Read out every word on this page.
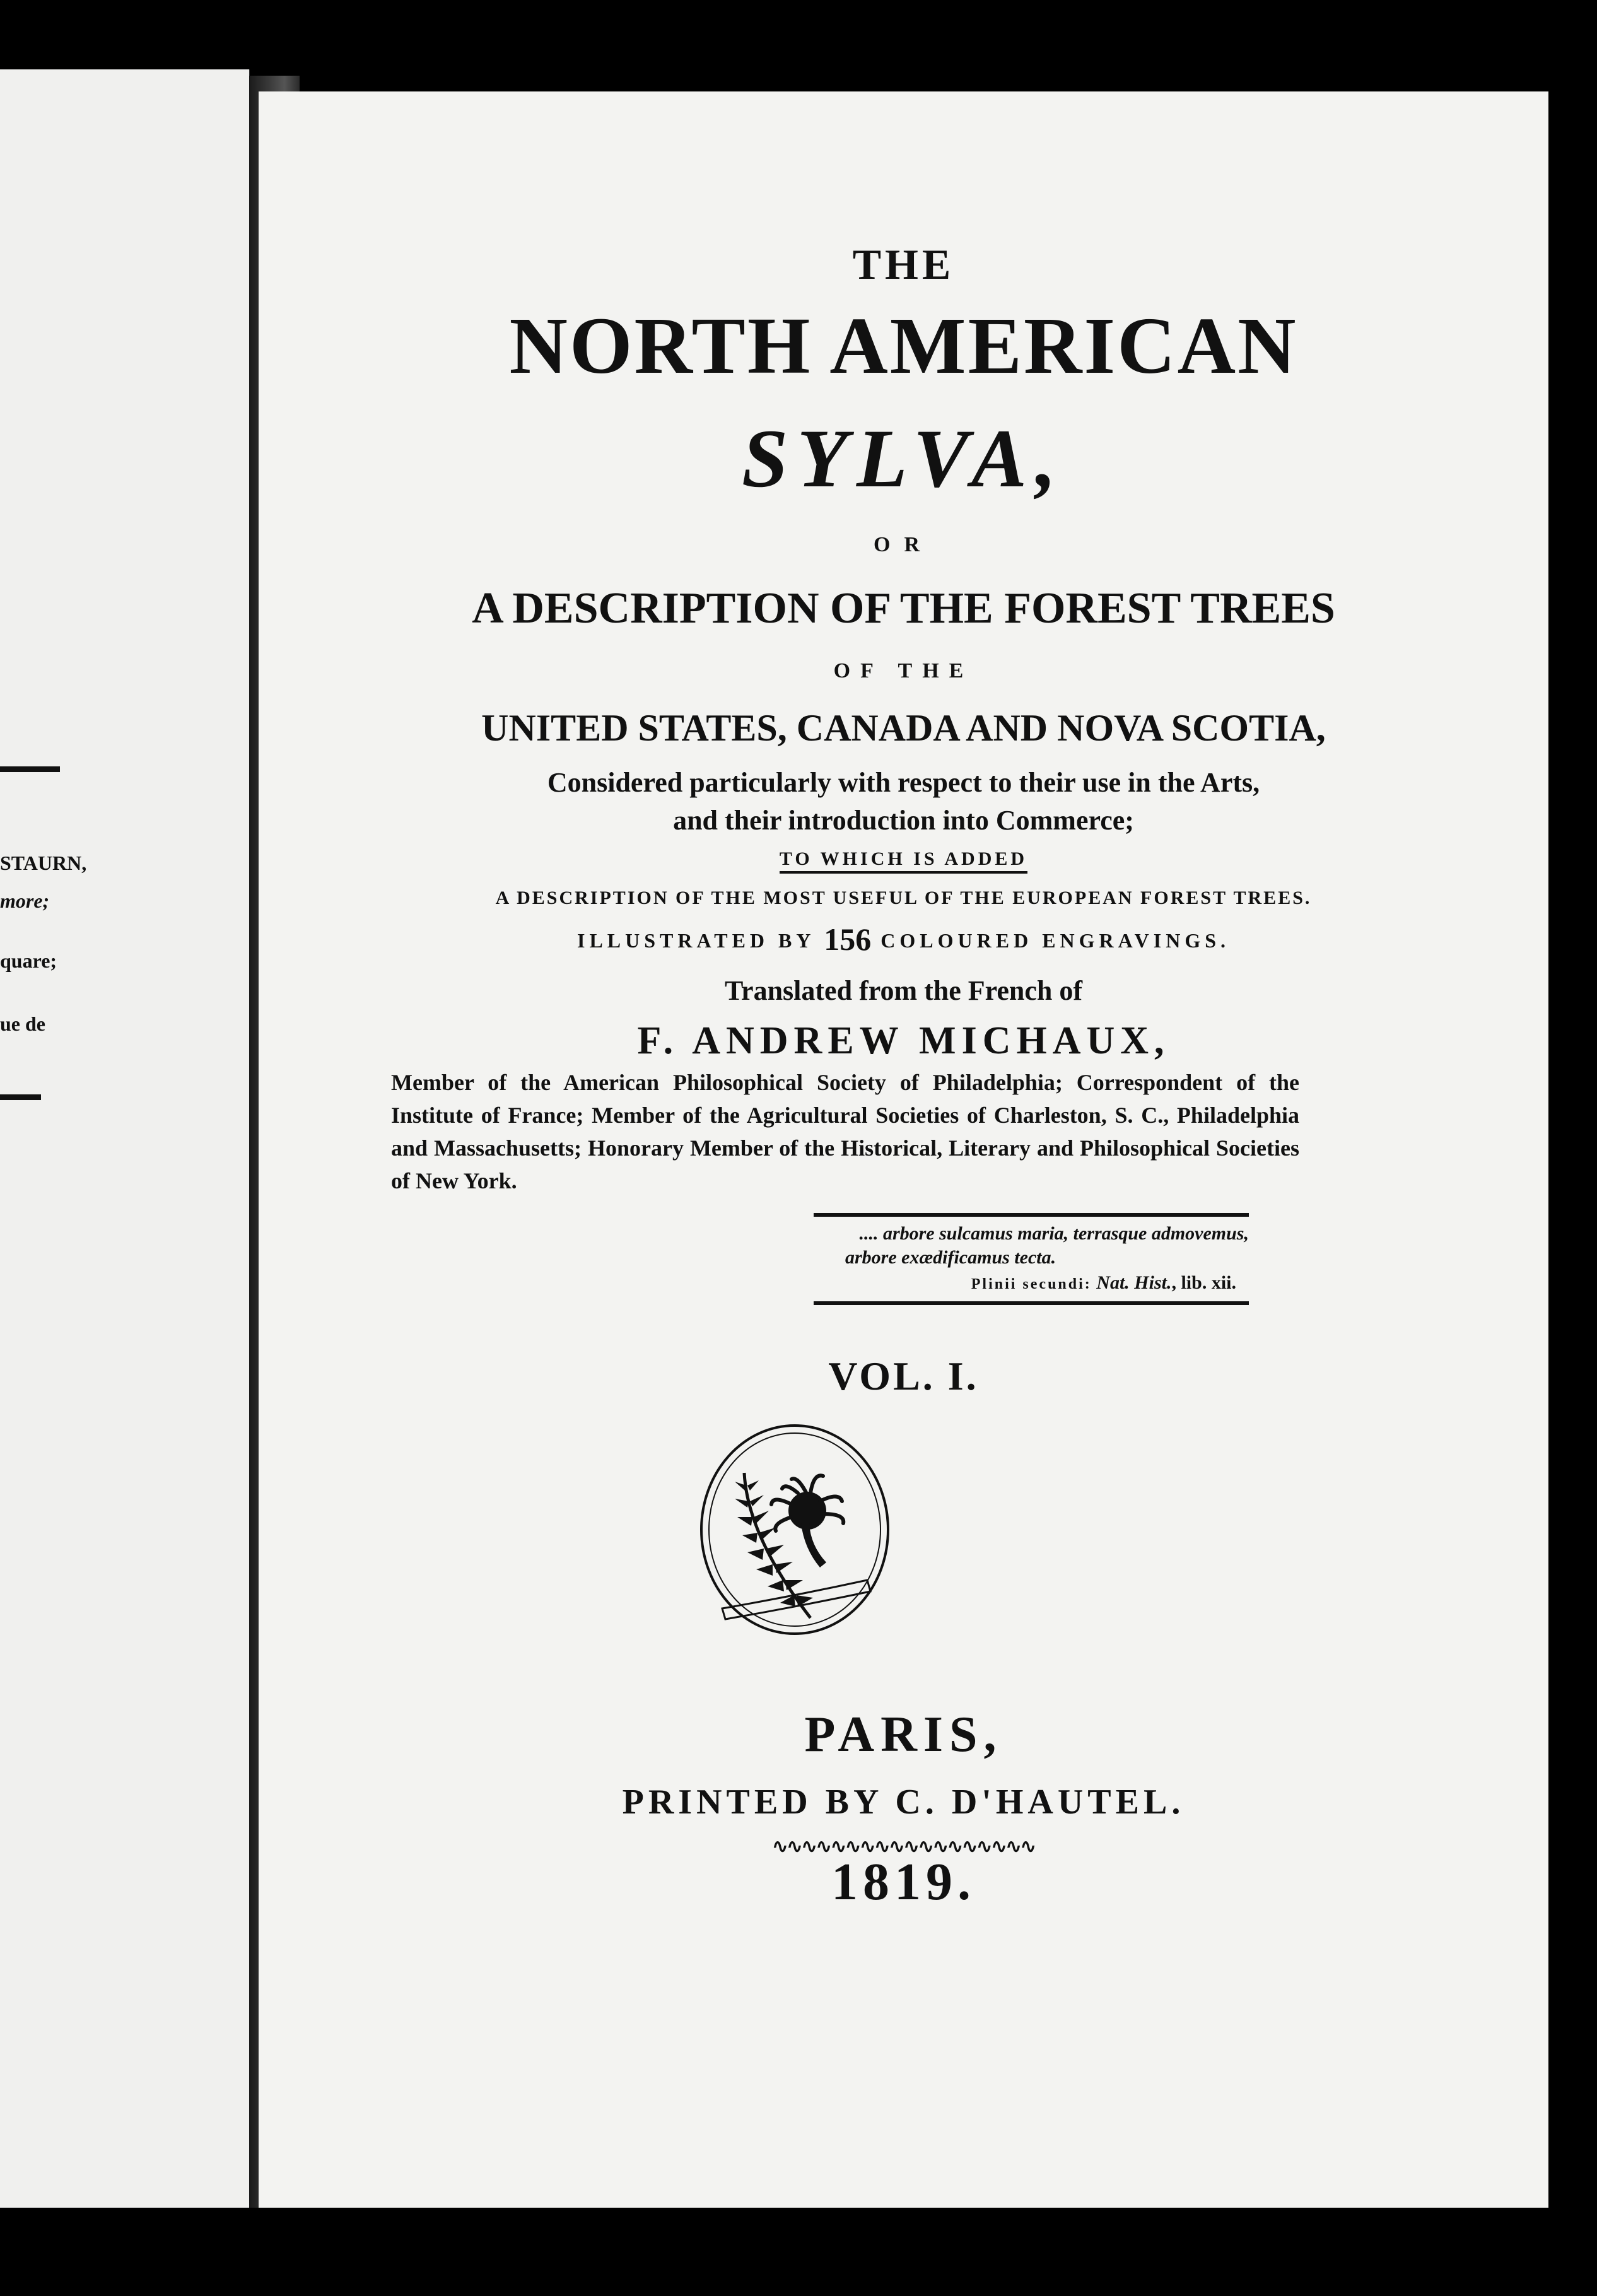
STAURN,
more;
quare;
ue de
THE
NORTH AMERICAN
SYLVA,
OR
A DESCRIPTION OF THE FOREST TREES
OF THE
UNITED STATES, CANADA AND NOVA SCOTIA,
Considered particularly with respect to their use in the Arts,
and their introduction into Commerce;
TO WHICH IS ADDED
A DESCRIPTION OF THE MOST USEFUL OF THE EUROPEAN FOREST TREES.
ILLUSTRATED BY 156 COLOURED ENGRAVINGS.
Translated from the French of
F. ANDREW MICHAUX,
Member of the American Philosophical Society of Philadelphia; Correspondent of the Institute of France; Member of the Agricultural Societies of Charleston, S. C., Philadelphia and Massachusetts; Honorary Member of the Historical, Literary and Philosophical Societies of New York.
.... arbore sulcamus maria, terrasque admovemus,
arbore exædificamus tecta.
Plinii secundi: Nat. Hist., lib. xii.
VOL. I.
PARIS,
PRINTED BY C. D'HAUTEL.
∿∿∿∿∿∿∿∿∿∿∿∿∿∿∿∿∿∿
1819.
